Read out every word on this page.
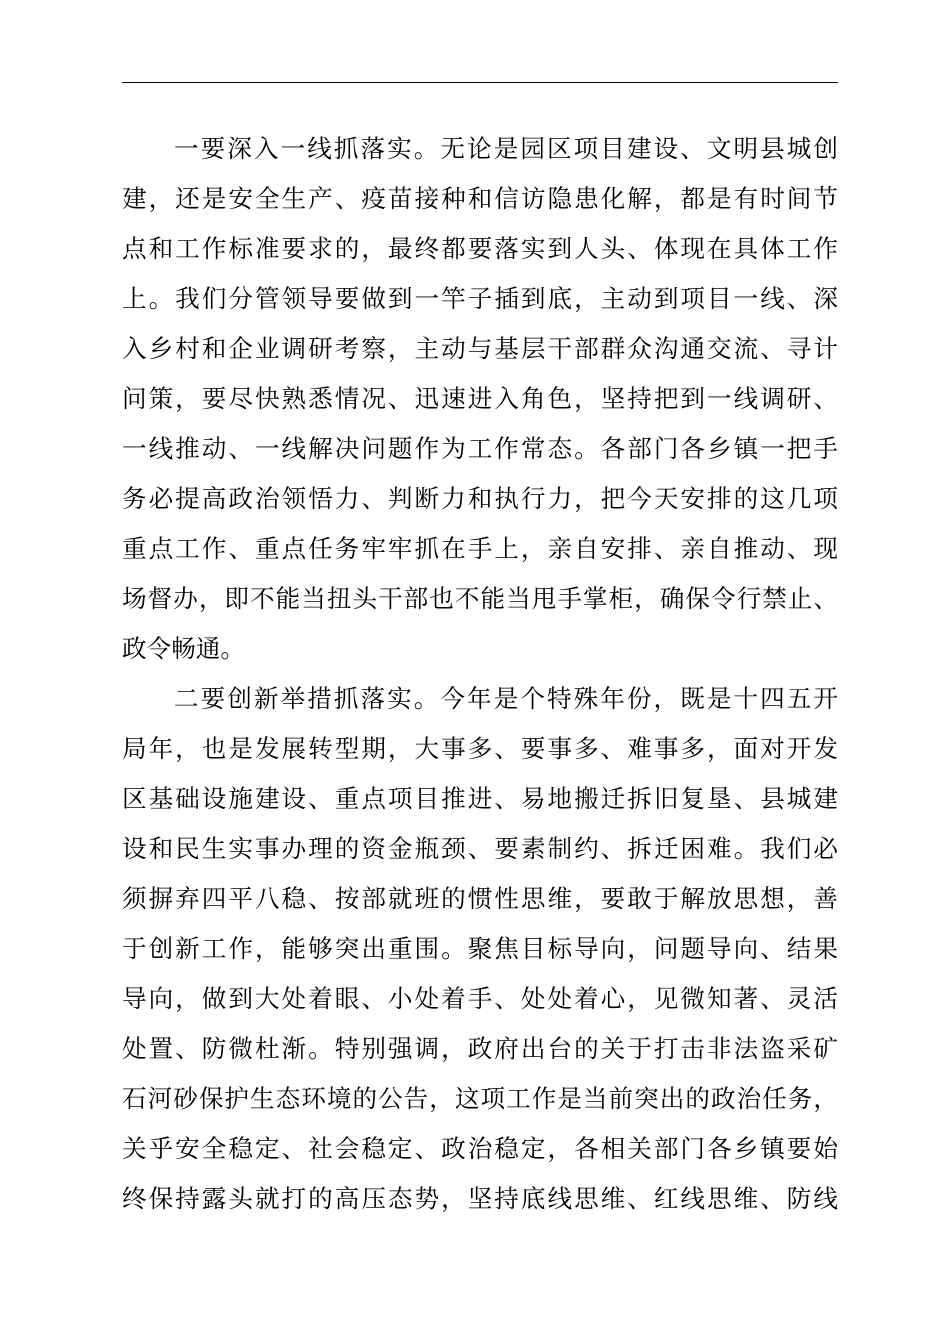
一要深入一线抓落实。无论是园区项目建设、文明县城创
建，还是安全生产、疫苗接种和信访隐患化解，都是有时间节
点和工作标准要求的，最终都要落实到人头、体现在具体工作
上。我们分管领导要做到一竿子插到底，主动到项目一线、深
入乡村和企业调研考察，主动与基层干部群众沟通交流、寻计
问策，要尽快熟悉情况、迅速进入角色，坚持把到一线调研、
一线推动、一线解决问题作为工作常态。各部门各乡镇一把手
务必提高政治领悟力、判断力和执行力，把今天安排的这几项
重点工作、重点任务牢牢抓在手上，亲自安排、亲自推动、现
场督办，即不能当扭头干部也不能当甩手掌柜，确保令行禁止、
政令畅通。
二要创新举措抓落实。今年是个特殊年份，既是十四五开
局年，也是发展转型期，大事多、要事多、难事多，面对开发
区基础设施建设、重点项目推进、易地搬迁拆旧复垦、县城建
设和民生实事办理的资金瓶颈、要素制约、拆迁困难。我们必
须摒弃四平八稳、按部就班的惯性思维，要敢于解放思想，善
于创新工作，能够突出重围。聚焦目标导向，问题导向、结果
导向，做到大处着眼、小处着手、处处着心，见微知著、灵活
处置、防微杜渐。特别强调，政府出台的关于打击非法盗采矿
石河砂保护生态环境的公告，这项工作是当前突出的政治任务，
关乎安全稳定、社会稳定、政治稳定，各相关部门各乡镇要始
终保持露头就打的高压态势，坚持底线思维、红线思维、防线
